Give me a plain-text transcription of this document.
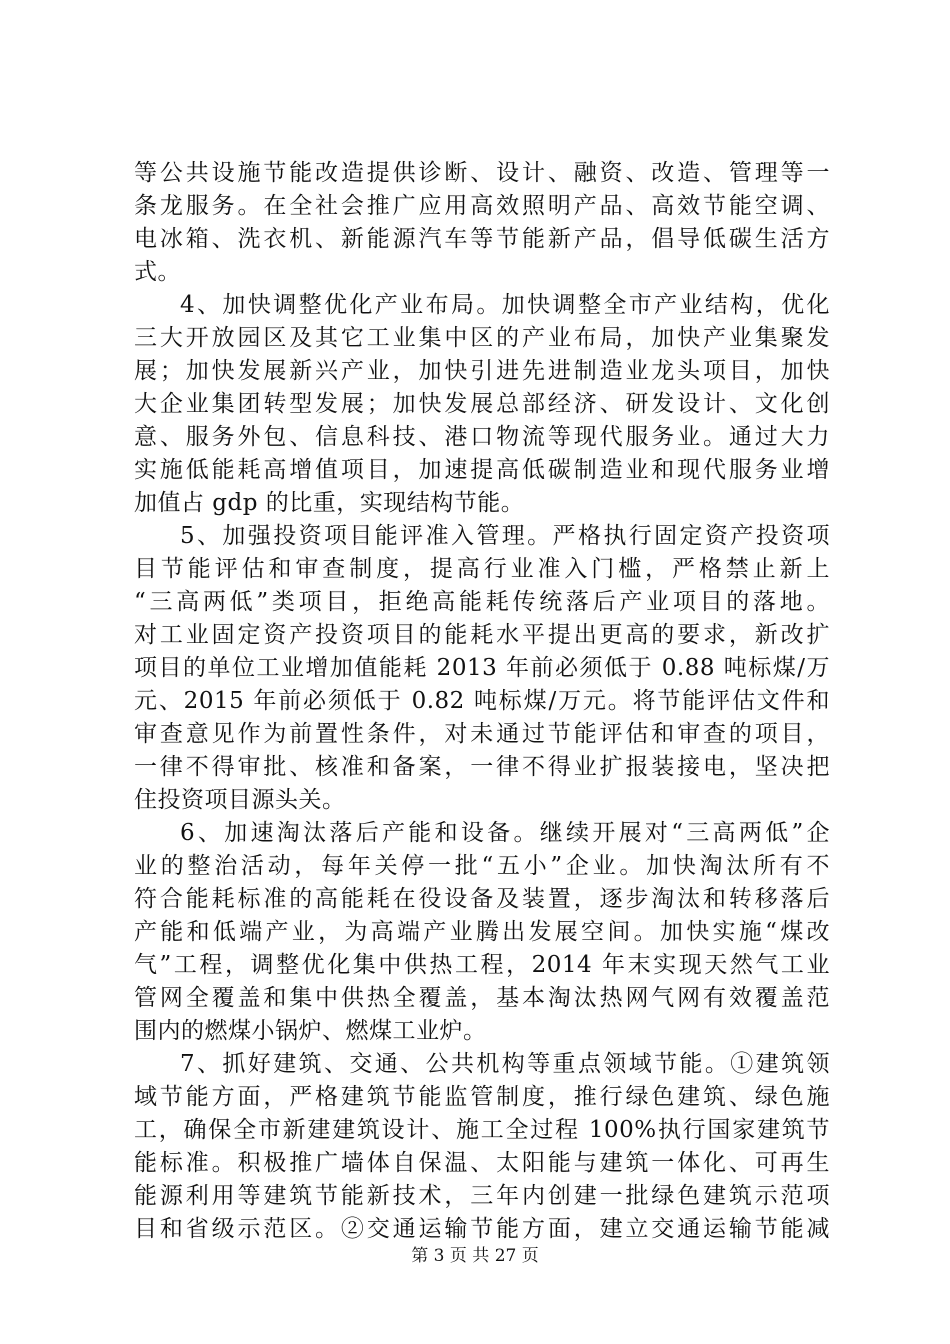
等公共设施节能改造提供诊断、设计、融资、改造、管理等一
条龙服务。在全社会推广应用高效照明产品、高效节能空调、
电冰箱、洗衣机、新能源汽车等节能新产品，倡导低碳生活方
式。
4、加快调整优化产业布局。加快调整全市产业结构，优化
三大开放园区及其它工业集中区的产业布局，加快产业集聚发
展；加快发展新兴产业，加快引进先进制造业龙头项目，加快
大企业集团转型发展；加快发展总部经济、研发设计、文化创
意、服务外包、信息科技、港口物流等现代服务业。通过大力
实施低能耗高增值项目，加速提高低碳制造业和现代服务业增
加值占 gdp 的比重，实现结构节能。
5、加强投资项目能评准入管理。严格执行固定资产投资项
目节能评估和审查制度，提高行业准入门槛，严格禁止新上
“三高两低”类项目，拒绝高能耗传统落后产业项目的落地。
对工业固定资产投资项目的能耗水平提出更高的要求，新改扩
项目的单位工业增加值能耗 2013 年前必须低于 0.88 吨标煤/万
元、2015 年前必须低于 0.82 吨标煤/万元。将节能评估文件和
审查意见作为前置性条件，对未通过节能评估和审查的项目，
一律不得审批、核准和备案，一律不得业扩报装接电，坚决把
住投资项目源头关。
6、加速淘汰落后产能和设备。继续开展对“三高两低”企
业的整治活动，每年关停一批“五小”企业。加快淘汰所有不
符合能耗标准的高能耗在役设备及装置，逐步淘汰和转移落后
产能和低端产业，为高端产业腾出发展空间。加快实施“煤改
气”工程，调整优化集中供热工程，2014 年末实现天然气工业
管网全覆盖和集中供热全覆盖，基本淘汰热网气网有效覆盖范
围内的燃煤小锅炉、燃煤工业炉。
7、抓好建筑、交通、公共机构等重点领域节能。①建筑领
域节能方面，严格建筑节能监管制度，推行绿色建筑、绿色施
工，确保全市新建建筑设计、施工全过程 100%执行国家建筑节
能标准。积极推广墙体自保温、太阳能与建筑一体化、可再生
能源利用等建筑节能新技术，三年内创建一批绿色建筑示范项
目和省级示范区。②交通运输节能方面，建立交通运输节能减
第 3 页 共 27 页
